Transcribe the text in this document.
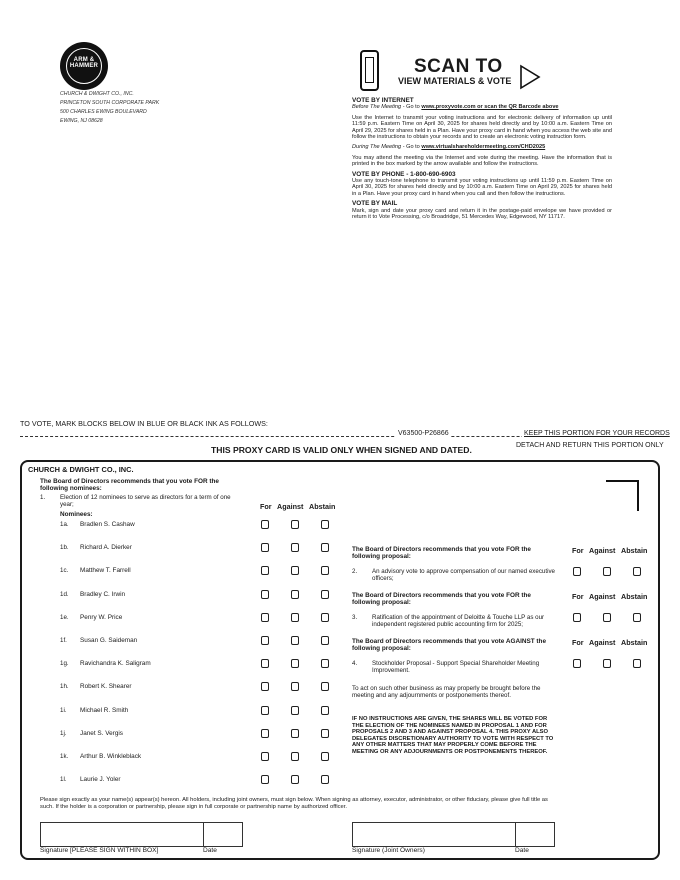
ARM & HAMMER
CHURCH & DWIGHT CO., INC.
PRINCETON SOUTH CORPORATE PARK
500 CHARLES EWING BOULEVARD
EWING, NJ 08628
SCAN TO
VIEW MATERIALS & VOTE
VOTE BY INTERNET
Before The Meeting - Go to www.proxyvote.com or scan the QR Barcode above
Use the Internet to transmit your voting instructions and for electronic delivery of information up until 11:59 p.m. Eastern Time on April 30, 2025 for shares held directly and by 10:00 a.m. Eastern Time on April 29, 2025 for shares held in a Plan. Have your proxy card in hand when you access the web site and follow the instructions to obtain your records and to create an electronic voting instruction form.
During The Meeting - Go to www.virtualshareholdermeeting.com/CHD2025
You may attend the meeting via the Internet and vote during the meeting. Have the information that is printed in the box marked by the arrow available and follow the instructions.
VOTE BY PHONE - 1-800-690-6903
Use any touch-tone telephone to transmit your voting instructions up until 11:59 p.m. Eastern Time on April 30, 2025 for shares held directly and by 10:00 a.m. Eastern Time on April 29, 2025 for shares held in a Plan. Have your proxy card in hand when you call and then follow the instructions.
VOTE BY MAIL
Mark, sign and date your proxy card and return it in the postage-paid envelope we have provided or return it to Vote Processing, c/o Broadridge, 51 Mercedes Way, Edgewood, NY 11717.
TO VOTE, MARK BLOCKS BELOW IN BLUE OR BLACK INK AS FOLLOWS:
V63500-P26866	KEEP THIS PORTION FOR YOUR RECORDS
DETACH AND RETURN THIS PORTION ONLY
THIS PROXY CARD IS VALID ONLY WHEN SIGNED AND DATED.
CHURCH & DWIGHT CO., INC.
The Board of Directors recommends that you vote FOR the following nominees:
1. Election of 12 nominees to serve as directors for a term of one year;
Nominees:
For Against Abstain
1a. Bradlen S. Cashaw
1b. Richard A. Dierker
1c. Matthew T. Farrell
1d. Bradley C. Irwin
1e. Penry W. Price
1f. Susan G. Saideman
1g. Ravichandra K. Saligram
1h. Robert K. Shearer
1i. Michael R. Smith
1j. Janet S. Vergis
1k. Arthur B. Winkleblack
1l. Laurie J. Yoler
The Board of Directors recommends that you vote FOR the following proposal:
For Against Abstain
2. An advisory vote to approve compensation of our named executive officers;
The Board of Directors recommends that you vote FOR the following proposal:
For Against Abstain
3. Ratification of the appointment of Deloitte & Touche LLP as our independent registered public accounting firm for 2025;
The Board of Directors recommends that you vote AGAINST the following proposal:
For Against Abstain
4. Stockholder Proposal - Support Special Shareholder Meeting Improvement.
To act on such other business as may properly be brought before the meeting and any adjournments or postponements thereof.
IF NO INSTRUCTIONS ARE GIVEN, THE SHARES WILL BE VOTED FOR THE ELECTION OF THE NOMINEES NAMED IN PROPOSAL 1 AND FOR PROPOSALS 2 AND 3 AND AGAINST PROPOSAL 4. THIS PROXY ALSO DELEGATES DISCRETIONARY AUTHORITY TO VOTE WITH RESPECT TO ANY OTHER MATTERS THAT MAY PROPERLY COME BEFORE THE MEETING OR ANY ADJOURNMENTS OR POSTPONEMENTS THEREOF.
Please sign exactly as your name(s) appear(s) hereon. All holders, including joint owners, must sign below. When signing as attorney, executor, administrator, or other fiduciary, please give full title as such. If the holder is a corporation or partnership, please sign in full corporate or partnership name by authorized officer.
Signature [PLEASE SIGN WITHIN BOX]	Date	Signature (Joint Owners)	Date
